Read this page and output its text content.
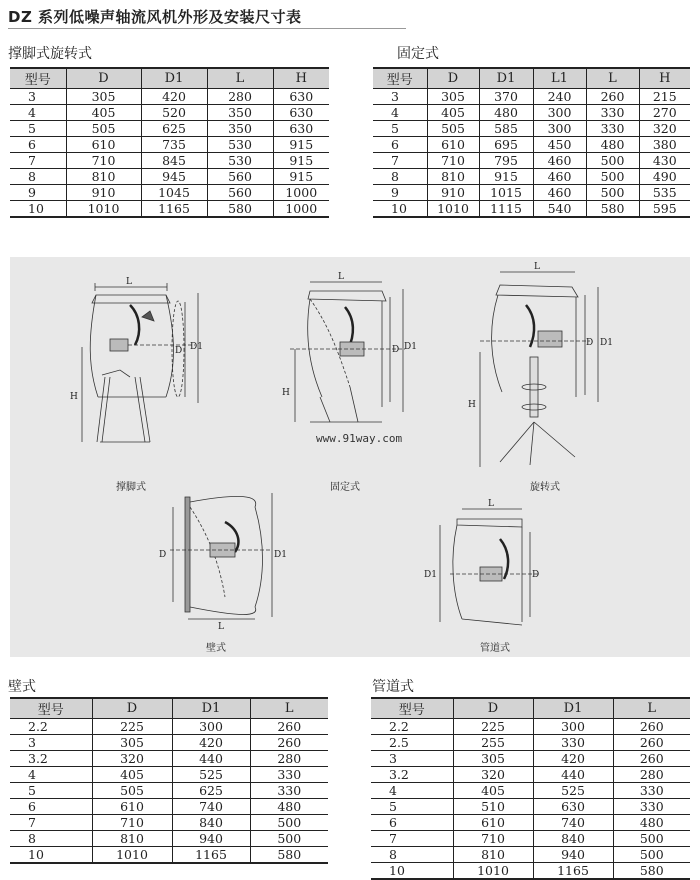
DZ 系列低噪声轴流风机外形及安装尺寸表
撑脚式旋转式
型号	D	D1	L	H
3	305	420	280	630
4	405	520	350	630
5	505	625	350	630
6	610	735	530	915
7	710	845	530	915
8	810	945	560	915
9	910	1045	560	1000
10	1010	1165	580	1000
固定式
型号	D	D1	L1	L	H
3	305	370	240	260	215
4	405	480	300	330	270
5	505	585	300	330	320
6	610	695	450	480	380
7	710	795	460	500	430
8	810	915	460	500	490
9	910	1015	460	500	535
10	1010	1115	540	580	595
L
H
D D1
L
H
D D1
L
H
D D1
L
D	D1
L
D1	D
撑脚式	固定式	旋转式
壁式	管道式
www.91way.com
壁式
型号	D	D1	L
2.2	225	300	260
3	305	420	260
3.2	320	440	280
4	405	525	330
5	505	625	330
6	610	740	480
7	710	840	500
8	810	940	500
10	1010	1165	580
管道式
型号	D	D1	L
2.2	225	300	260
2.5	255	330	260
3	305	420	260
3.2	320	440	280
4	405	525	330
5	510	630	330
6	610	740	480
7	710	840	500
8	810	940	500
10	1010	1165	580
